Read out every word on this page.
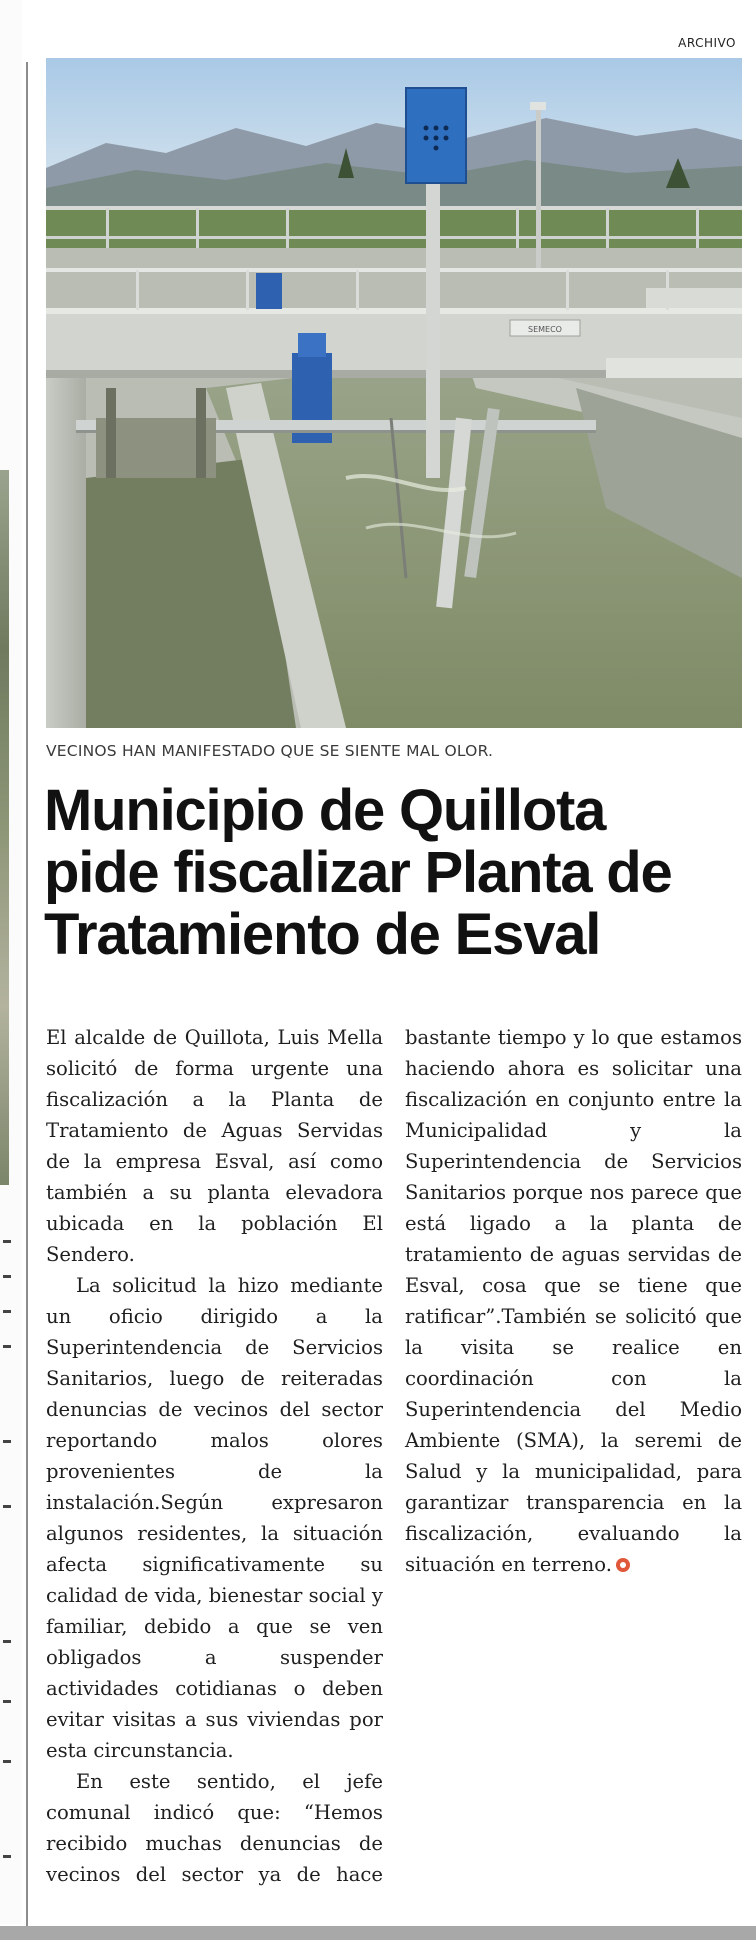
ARCHIVO
SEMECO
VECINOS HAN MANIFESTADO QUE SE SIENTE MAL OLOR.
Municipio de Quillota
pide fiscalizar Planta de
Tratamiento de Esval

El alcalde de Quillota, Luis Mella solicitó de forma urgente una fiscalización a la Planta de Tratamiento de Aguas Servidas de la empresa Esval, así como también a su planta elevadora ubicada en la población El Sendero.

La solicitud la hizo mediante un oficio dirigido a la Superintendencia de Servicios Sanitarios, luego de reiteradas denuncias de vecinos del sector reportando malos olores provenientes de la instalación.Según expresaron algunos residentes, la situación afecta significativamente su calidad de vida, bienestar social y familiar, debido a que se ven obligados a suspender actividades cotidianas o deben evitar visitas a sus viviendas por esta circunstancia.

En este sentido, el jefe comunal indicó que: “Hemos recibido muchas denuncias de vecinos del sector ya de hace bastante tiempo y lo que estamos haciendo ahora es solicitar una fiscalización en conjunto entre la Municipalidad y la Superintendencia de Servicios Sanitarios porque nos parece que está ligado a la planta de tratamiento de aguas servidas de Esval, cosa que se tiene que ratificar”.También se solicitó que la visita se realice en coordinación con la Superintendencia del Medio Ambiente (SMA), la seremi de Salud y la municipalidad, para garantizar transparencia en la fiscalización, evaluando la situación en terreno.
